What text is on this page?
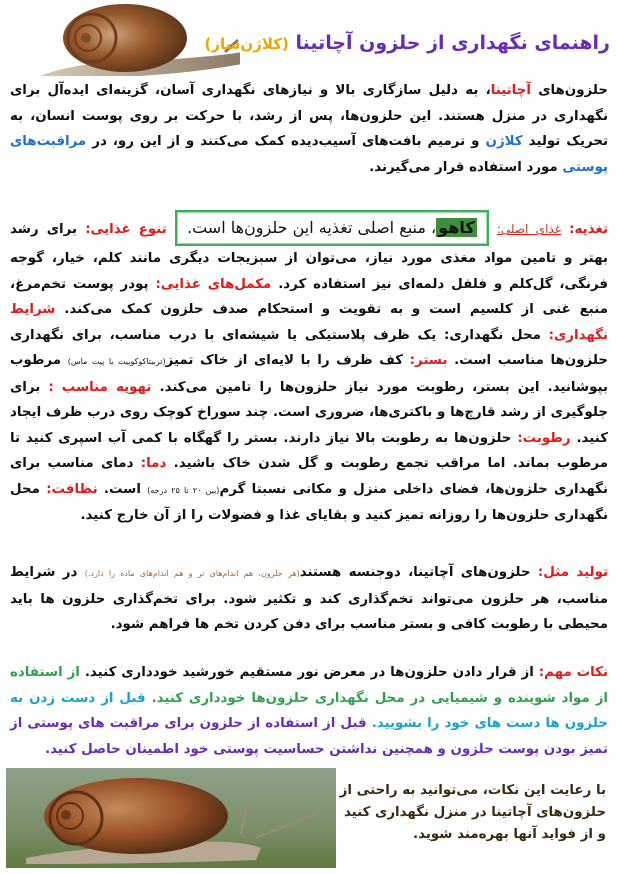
راهنمای نگهداری از حلزون آچاتینا (کلاژن‌ساز)
حلزون‌های آچاتینا، به دلیل سازگاری بالا و نیازهای نگهداری آسان، گزینه‌ای ایده‌آل برای نگهداری در منزل هستند. این حلزون‌ها، پس از رشد، با حرکت بر روی پوست انسان، به تحریک تولید کلاژن و ترمیم بافت‌های آسیب‌دیده کمک می‌کنند و از این رو، در مراقبت‌های پوستی مورد استفاده قرار می‌گیرند.
تغذیه: غذای اصلی: کاهو، منبع اصلی تغذیه این حلزون‌ها است. تنوع غذایی: برای رشد بهتر و تامین مواد مغذی مورد نیاز، می‌توان از سبزیجات دیگری مانند کلم، خیار، گوجه فرنگی، گل‌کلم و فلفل دلمه‌ای نیز استفاده کرد. مکمل‌های غذایی: پودر پوست تخم‌مرغ، منبع غنی از کلسیم است و به تقویت و استحکام صدف حلزون کمک می‌کند. شرایط نگهداری: محل نگهداری: یک ظرف پلاستیکی یا شیشه‌ای با درب مناسب، برای نگهداری حلزون‌ها مناسب است. بستر: کف ظرف را با لایه‌ای از خاک تمیز(تربیتاکوکوپیت یا پیت ماس) مرطوب بپوشانید. این بستر، رطوبت مورد نیاز حلزون‌ها را تامین می‌کند. تهویه مناسب : برای جلوگیری از رشد قارچ‌ها و باکتری‌ها، ضروری است. چند سوراخ کوچک روی درب ظرف ایجاد کنید. رطوبت: حلزون‌ها به رطوبت بالا نیاز دارند. بستر را گهگاه با کمی آب اسپری کنید تا مرطوب بماند. اما مراقب تجمع رطوبت و گل شدن خاک باشید. دما: دمای مناسب برای نگهداری حلزون‌ها، فضای داخلی منزل و مکانی نسبتا گرم(بین ۲۰ تا ۲۵ درجه) است. نظافت: محل نگهداری حلزون‌ها را روزانه تمیز کنید و بقایای غذا و فضولات را از آن خارج کنید.
تولید مثل: حلزون‌های آچاتینا، دوجنسه هستند(هر حلزون، هم اندام‌های نر و هم اندام‌های ماده را دارد.) در شرایط مناسب، هر حلزون می‌تواند تخم‌گذاری کند و تکثیر شود. برای تخم‌گذاری حلزون ها باید محیطی با رطوبت کافی و بستر مناسب برای دفن کردن تخم ها فراهم شود.
نکات مهم: از قرار دادن حلزون‌ها در معرض نور مستقیم خورشید خودداری کنید. از استفاده از مواد شوینده و شیمیایی در محل نگهداری حلزون‌ها خودداری کنید. قبل از دست زدن به حلزون ها دست های خود را بشویید. قبل از استفاده از حلزون برای مراقبت های پوستی از تمیز بودن پوست حلزون و همچنین نداشتن حساسیت پوستی خود اطمینان حاصل کنید.
با رعایت این نکات، می‌توانید به راحتی از حلزون‌های آچاتینا در منزل نگهداری کنید و از فواید آنها بهره‌مند شوید.
